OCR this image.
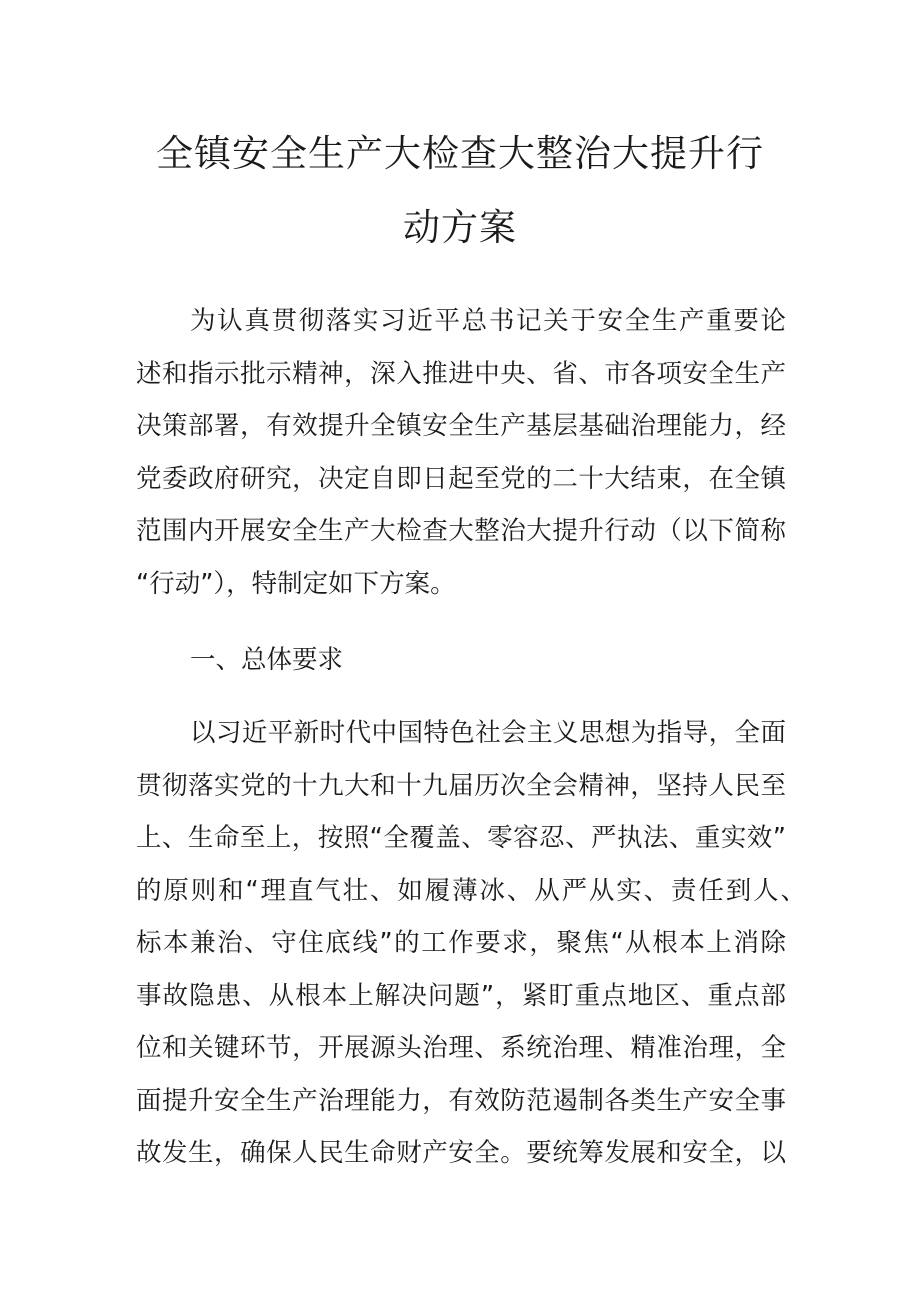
全镇安全生产大检查大整治大提升行
动方案

为认真贯彻落实习近平总书记关于安全生产重要论

述和指示批示精神，深入推进中央、省、市各项安全生产

决策部署，有效提升全镇安全生产基层基础治理能力，经

党委政府研究，决定自即日起至党的二十大结束，在全镇

范围内开展安全生产大检查大整治大提升行动（以下简称

“行动”），特制定如下方案。

一、总体要求

以习近平新时代中国特色社会主义思想为指导，全面

贯彻落实党的十九大和十九届历次全会精神，坚持人民至

上、生命至上，按照“全覆盖、零容忍、严执法、重实效”

的原则和“理直气壮、如履薄冰、从严从实、责任到人、

标本兼治、守住底线”的工作要求，聚焦“从根本上消除

事故隐患、从根本上解决问题”，紧盯重点地区、重点部

位和关键环节，开展源头治理、系统治理、精准治理，全

面提升安全生产治理能力，有效防范遏制各类生产安全事

故发生，确保人民生命财产安全。要统筹发展和安全，以
